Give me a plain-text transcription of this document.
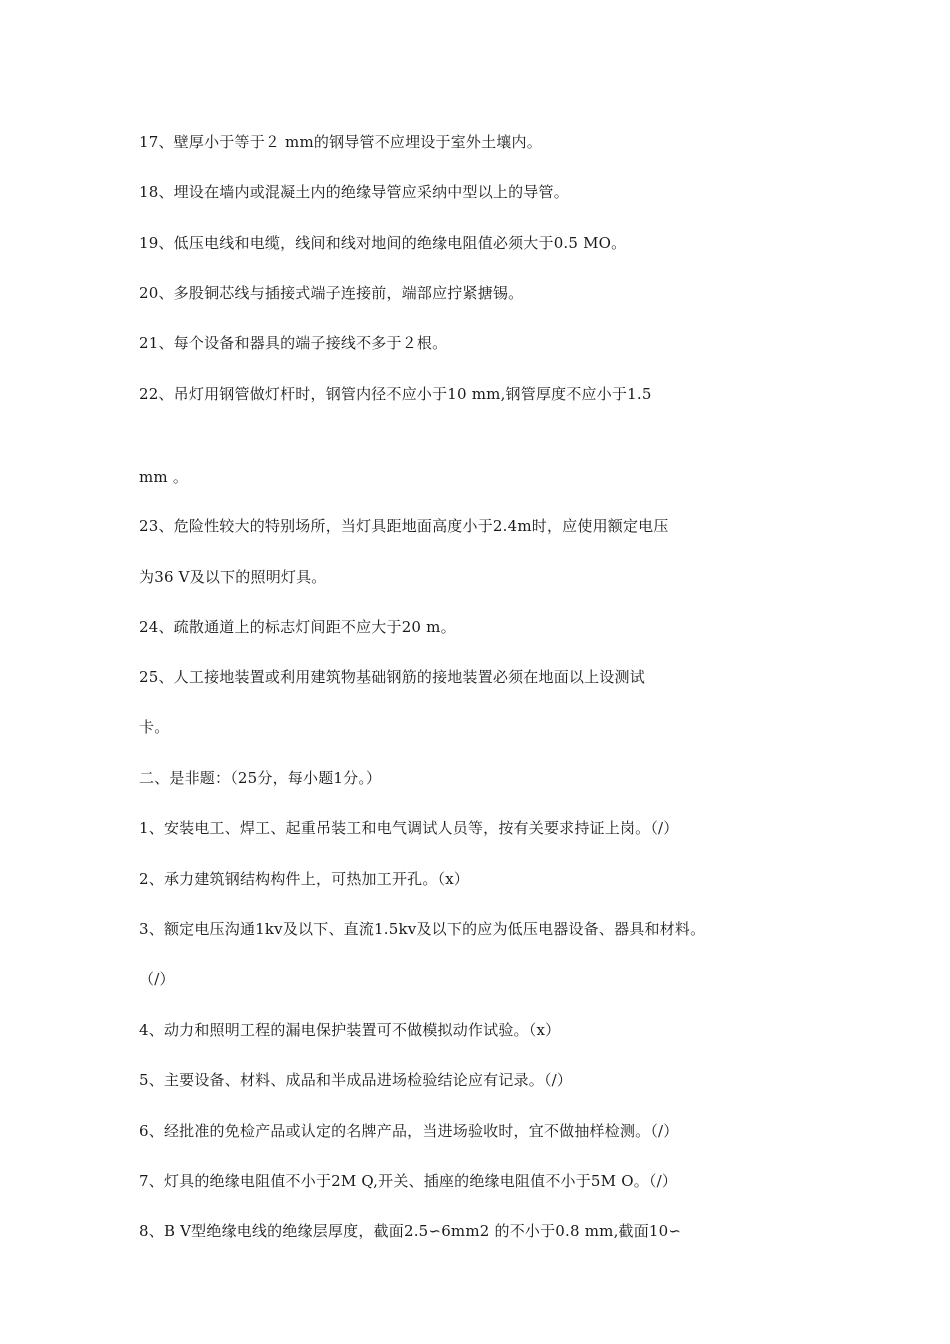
17、壁厚小于等于２ mm的钢导管不应埋设于室外土壤内。
18、埋设在墙内或混凝土内的绝缘导管应采纳中型以上的导管。
19、低压电线和电缆，线间和线对地间的绝缘电阻值必须大于0.5 MO。
20、多股铜芯线与插接式端子连接前，端部应拧紧搪锡。
21、每个设备和器具的端子接线不多于２根。
22、吊灯用钢管做灯杆时，钢管内径不应小于10 mm,钢管厚度不应小于1.5
mm 。
23、危险性较大的特别场所，当灯具距地面高度小于2.4m时，应使用额定电压
为36 V及以下的照明灯具。
24、疏散通道上的标志灯间距不应大于20 m。
25、人工接地装置或利用建筑物基础钢筋的接地装置必须在地面以上设测试
卡。
二、是非题：（25分，每小题1分。）
1、安装电工、焊工、起重吊装工和电气调试人员等，按有关要求持证上岗。（/）
2、承力建筑钢结构构件上，可热加工开孔。（x）
3、额定电压沟通1kv及以下、直流1.5kv及以下的应为低压电器设备、器具和材料。
（/）
4、动力和照明工程的漏电保护装置可不做模拟动作试验。（x）
5、主要设备、材料、成品和半成品进场检验结论应有记录。（/）
6、经批准的免检产品或认定的名牌产品，当进场验收时，宜不做抽样检测。（/）
7、灯具的绝缘电阻值不小于2M Q,开关、插座的绝缘电阻值不小于5M O。（/）
8、B V型绝缘电线的绝缘层厚度，截面2.5∽6mm2 的不小于0.8 mm,截面10∽
